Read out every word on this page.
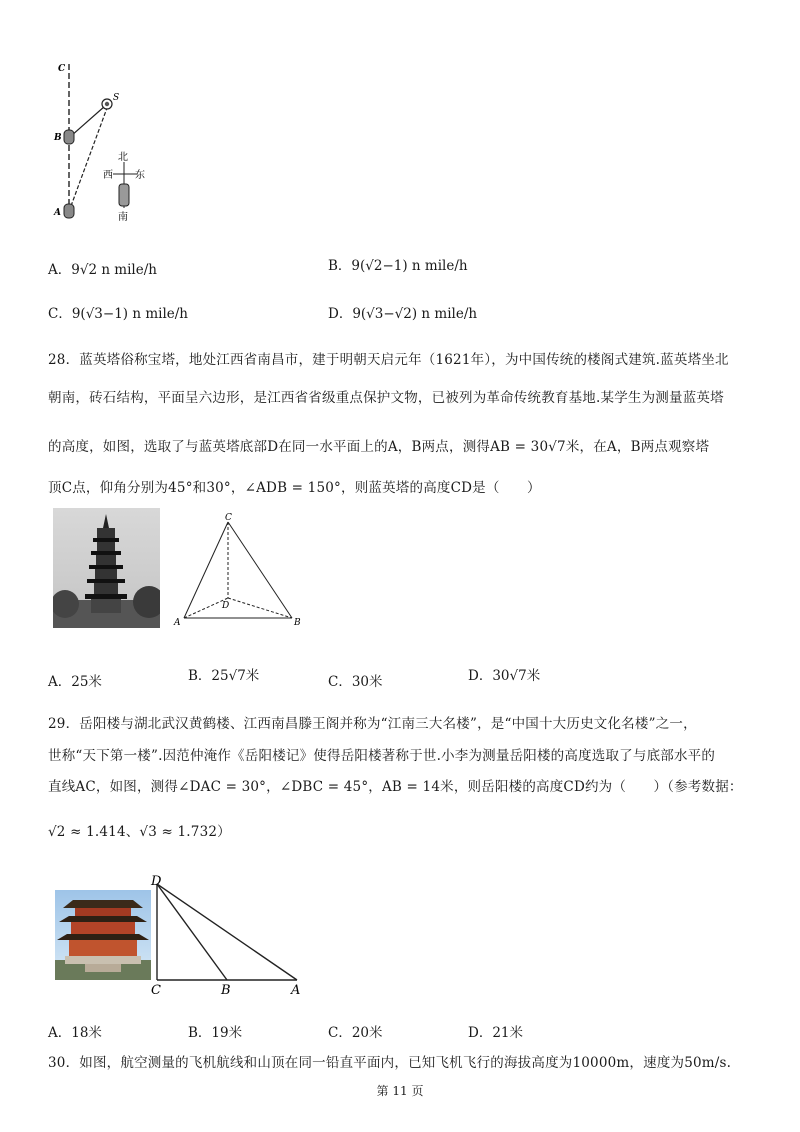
C
S
B
A
北
西 东
南
A．9√2 n mile/h	B．9(√2−1) n mile/h
C．9(√3−1) n mile/h	D．9(√3−√2) n mile/h
28．蓝英塔俗称宝塔，地处江西省南昌市，建于明朝天启元年（1621年），为中国传统的楼阁式建筑.蓝英塔坐北
朝南，砖石结构，平面呈六边形，是江西省省级重点保护文物，已被列为革命传统教育基地.某学生为测量蓝英塔
的高度，如图，选取了与蓝英塔底部D在同一水平面上的A，B两点，测得AB = 30√7米，在A，B两点观察塔
顶C点，仰角分别为45°和30°，∠ADB = 150°，则蓝英塔的高度CD是（　　）
C
D
A	B
A．25米	B．25√7米	C．30米	D．30√7米
29．岳阳楼与湖北武汉黄鹤楼、江西南昌滕王阁并称为“江南三大名楼”，是“中国十大历史文化名楼”之一，
世称“天下第一楼”.因范仲淹作《岳阳楼记》使得岳阳楼著称于世.小李为测量岳阳楼的高度选取了与底部水平的
直线AC，如图，测得∠DAC = 30°，∠DBC = 45°，AB = 14米，则岳阳楼的高度CD约为（　　）（参考数据：
√2 ≈ 1.414、√3 ≈ 1.732）
D
C	B	A
A．18米	B．19米	C．20米	D．21米
30．如图，航空测量的飞机航线和山顶在同一铅直平面内，已知飞机飞行的海拔高度为10000m，速度为50m/s.
第 11 页
